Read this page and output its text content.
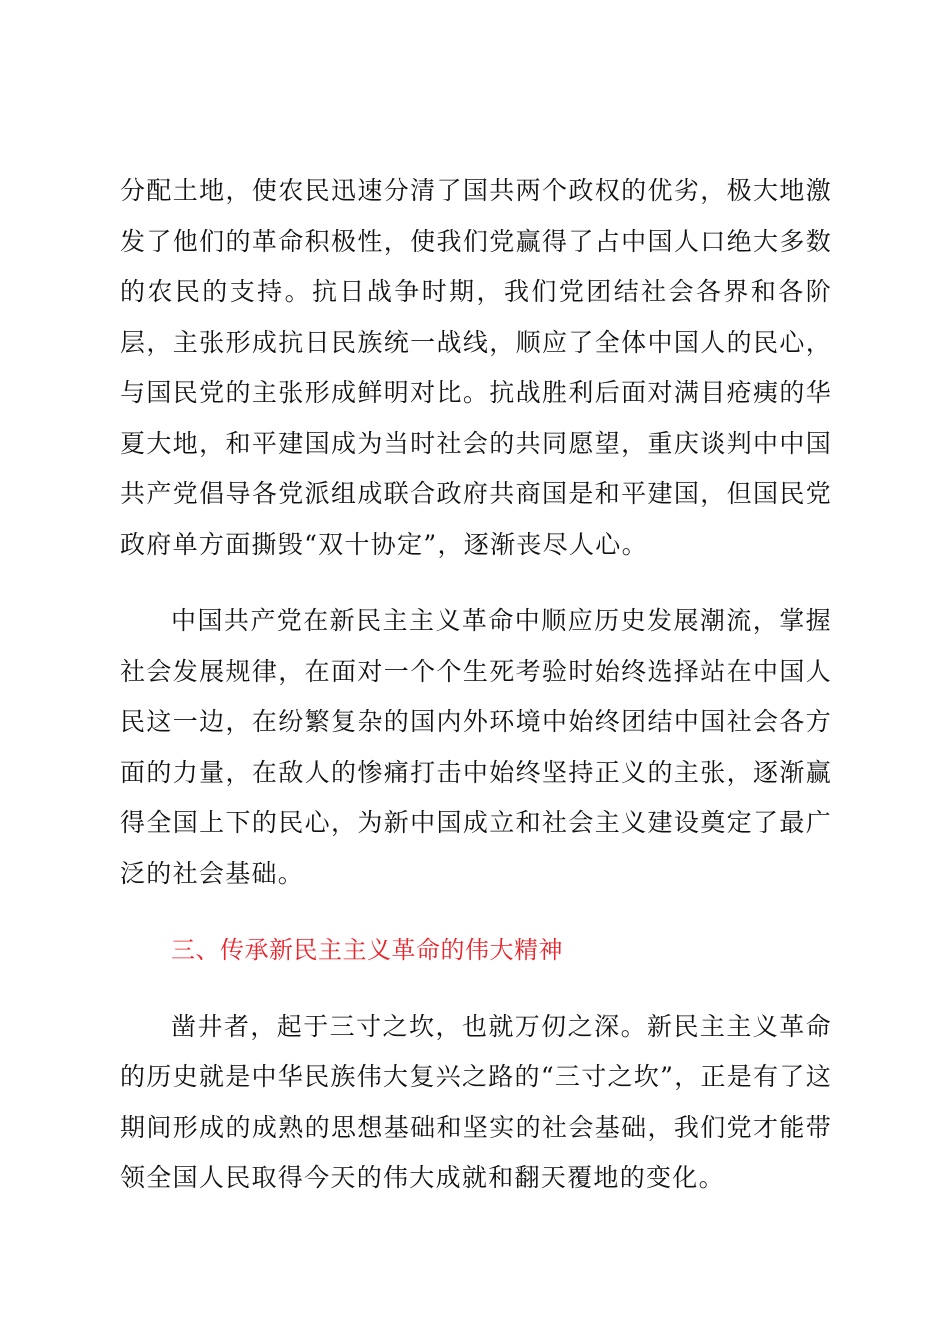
分配土地，使农民迅速分清了国共两个政权的优劣，极大地激发了他们的革命积极性，使我们党赢得了占中国人口绝大多数的农民的支持。抗日战争时期，我们党团结社会各界和各阶层，主张形成抗日民族统一战线，顺应了全体中国人的民心，与国民党的主张形成鲜明对比。抗战胜利后面对满目疮痍的华夏大地，和平建国成为当时社会的共同愿望，重庆谈判中中国共产党倡导各党派组成联合政府共商国是和平建国，但国民党政府单方面撕毁“双十协定”，逐渐丧尽人心。

中国共产党在新民主主义革命中顺应历史发展潮流，掌握社会发展规律，在面对一个个生死考验时始终选择站在中国人民这一边，在纷繁复杂的国内外环境中始终团结中国社会各方面的力量，在敌人的惨痛打击中始终坚持正义的主张，逐渐赢得全国上下的民心，为新中国成立和社会主义建设奠定了最广泛的社会基础。

三、传承新民主主义革命的伟大精神

凿井者，起于三寸之坎，也就万仞之深。新民主主义革命的历史就是中华民族伟大复兴之路的“三寸之坎”，正是有了这期间形成的成熟的思想基础和坚实的社会基础，我们党才能带领全国人民取得今天的伟大成就和翻天覆地的变化。
